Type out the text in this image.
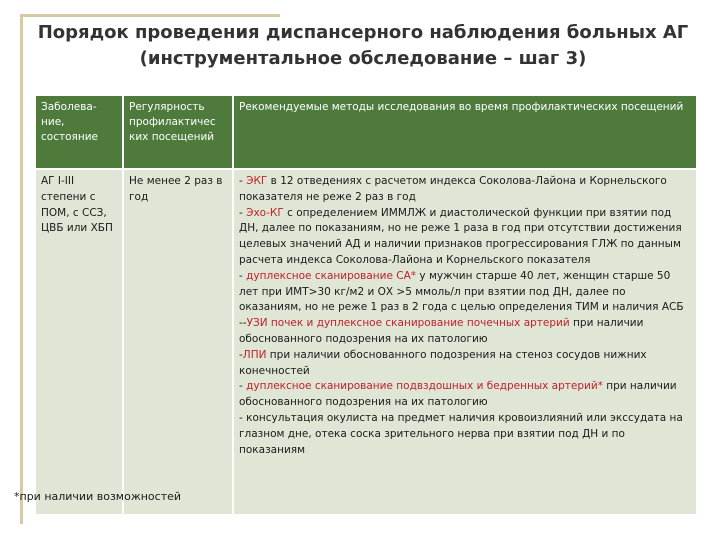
Порядок проведения диспансерного наблюдения больных АГ
(инструментальное обследование – шаг 3)
Заболева-ние, состояние
Регулярность профилактичес ких посещений
Рекомендуемые методы исследования во время профилактических посещений
АГ I-III степени с ПОМ, с ССЗ, ЦВБ или ХБП
Не менее 2 раз в год
- ЭКГ в 12 отведениях с расчетом индекса Соколова-Лайона и Корнельского показателя не реже 2 раз в год
- Эхо-КГ с определением ИММЛЖ и диастолической функции при взятии под ДН, далее по показаниям, но не реже 1 раза в год при отсутствии достижения целевых значений АД и наличии признаков прогрессирования ГЛЖ по данным расчета индекса Соколова-Лайона и Корнельского показателя
- дуплексное сканирование СА* у мужчин старше 40 лет, женщин старше 50 лет при ИМТ>30 кг/м2 и ОХ >5 ммоль/л при взятии под ДН, далее по оказаниям, но не реже 1 раз в 2 года с целью определения ТИМ и наличия АСБ
--УЗИ почек и дуплексное сканирование почечных артерий при наличии обоснованного подозрения на их патологию
-ЛПИ при наличии обоснованного подозрения на стеноз сосудов нижних конечностей
- дуплексное сканирование подвздошных и бедренных артерий* при наличии обоснованного подозрения на их патологию
- консультация окулиста на предмет наличия кровоизлияний или экссудата на глазном дне, отека соска зрительного нерва при взятии под ДН и по показаниям
*при наличии возможностей
